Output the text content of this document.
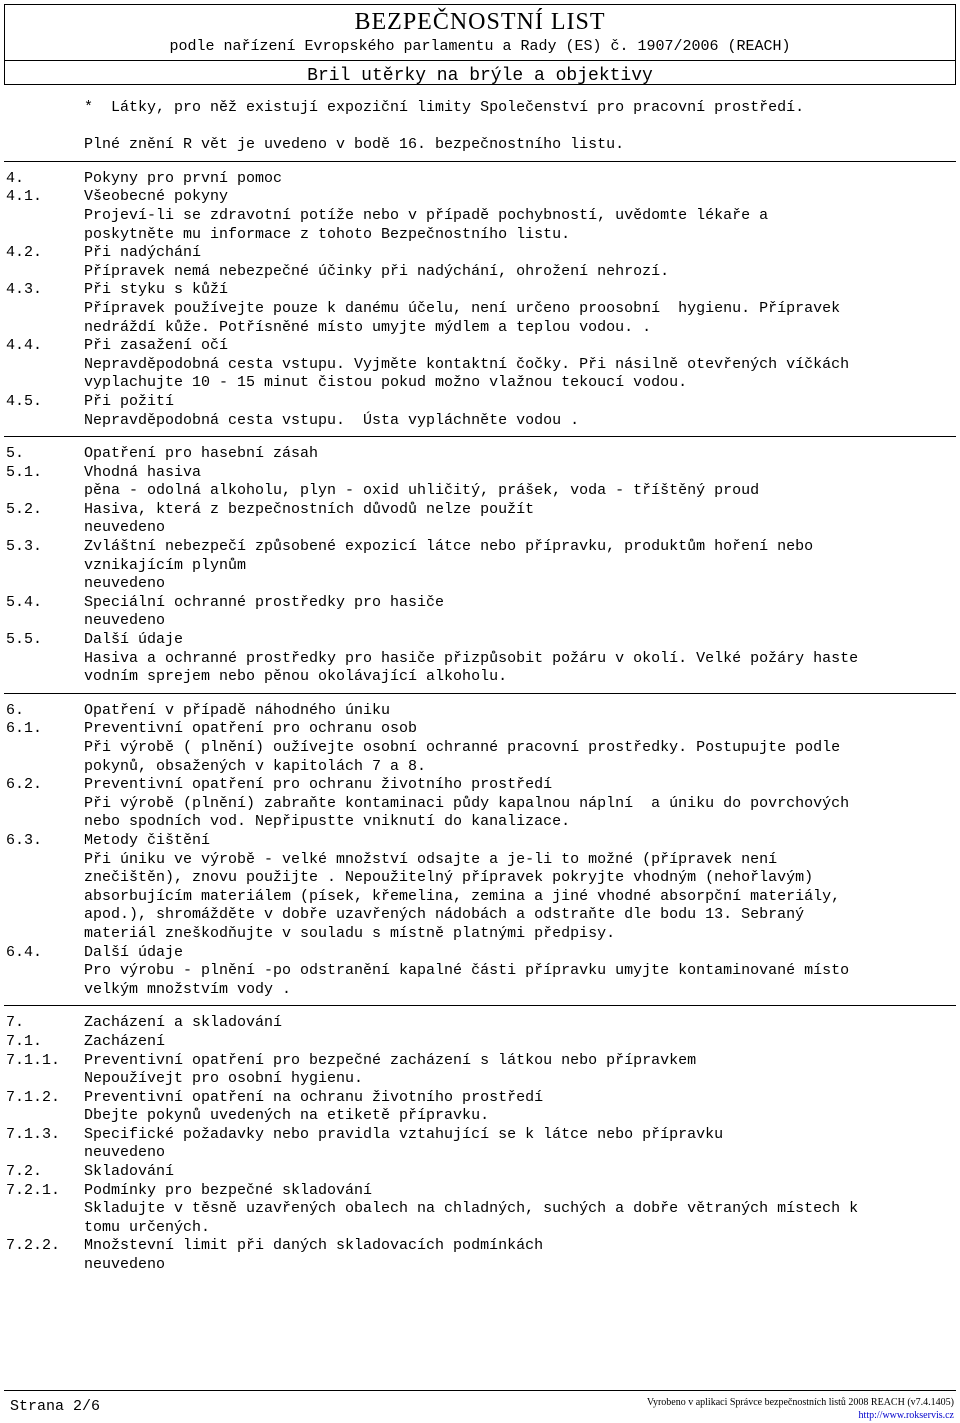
BEZPEČNOSTNÍ LIST
podle nařízení Evropského parlamentu a Rady (ES) č. 1907/2006 (REACH)
Bril utěrky na brýle a objektivy
*  Látky, pro něž existují expoziční limity Společenství pro pracovní prostředí.
Plné znění R vět je uvedeno v bodě 16. bezpečnostního listu.
4.	Pokyny pro první pomoc
4.1.	Všeobecné pokyny
Projeví-li se zdravotní potíže nebo v případě pochybností, uvědomte lékaře a
poskytněte mu informace z tohoto Bezpečnostního listu.
4.2.	Při nadýchání
Přípravek nemá nebezpečné účinky při nadýchání, ohrožení nehrozí.
4.3.	Při styku s kůží
Přípravek používejte pouze k danému účelu, není určeno proosobní  hygienu. Přípravek
nedráždí kůže. Potřísněné místo umyjte mýdlem a teplou vodou. .
4.4.	Při zasažení očí
Nepravděpodobná cesta vstupu. Vyjměte kontaktní čočky. Při násilně otevřených víčkách
vyplachujte 10 - 15 minut čistou pokud možno vlažnou tekoucí vodou.
4.5.	Při požití
Nepravděpodobná cesta vstupu.  Ústa vypláchněte vodou .
5.	Opatření pro hasební zásah
5.1.	Vhodná hasiva
pěna - odolná alkoholu, plyn - oxid uhličitý, prášek, voda - tříštěný proud
5.2.	Hasiva, která z bezpečnostních důvodů nelze použít
neuvedeno
5.3.	Zvláštní nebezpečí způsobené expozicí látce nebo přípravku, produktům hoření nebo
vznikajícím plynům
neuvedeno
5.4.	Speciální ochranné prostředky pro hasiče
neuvedeno
5.5.	Další údaje
Hasiva a ochranné prostředky pro hasiče přizpůsobit požáru v okolí. Velké požáry haste
vodním sprejem nebo pěnou okolávající alkoholu.
6.	Opatření v případě náhodného úniku
6.1.	Preventivní opatření pro ochranu osob
Při výrobě ( plnění) oužívejte osobní ochranné pracovní prostředky. Postupujte podle
pokynů, obsažených v kapitolách 7 a 8.
6.2.	Preventivní opatření pro ochranu životního prostředí
Při výrobě (plnění) zabraňte kontaminaci půdy kapalnou náplní  a úniku do povrchových
nebo spodních vod. Nepřipustte vniknutí do kanalizace.
6.3.	Metody čištění
Při úniku ve výrobě - velké množství odsajte a je-li to možné (přípravek není
znečištěn), znovu použijte . Nepoužitelný přípravek pokryjte vhodným (nehořlavým)
absorbujícím materiálem (písek, křemelina, zemina a jiné vhodné absorpční materiály,
apod.), shromážděte v dobře uzavřených nádobách a odstraňte dle bodu 13. Sebraný
materiál zneškodňujte v souladu s místně platnými předpisy.
6.4.	Další údaje
Pro výrobu - plnění -po odstranění kapalné části přípravku umyjte kontaminované místo
velkým množstvím vody .
7.	Zacházení a skladování
7.1.	Zacházení
7.1.1. Preventivní opatření pro bezpečné zacházení s látkou nebo přípravkem
Nepoužívejt pro osobní hygienu.
7.1.2. Preventivní opatření na ochranu životního prostředí
Dbejte pokynů uvedených na etiketě přípravku.
7.1.3. Specifické požadavky nebo pravidla vztahující se k látce nebo přípravku
neuvedeno
7.2.	Skladování
7.2.1. Podmínky pro bezpečné skladování
Skladujte v těsně uzavřených obalech na chladných, suchých a dobře větraných místech k
tomu určených.
7.2.2. Množstevní limit při daných skladovacích podmínkách
neuvedeno
Strana 2/6	Vyrobeno v aplikaci Správce bezpečnostních listů 2008 REACH (v7.4.1405)
http://www.rokservis.cz
